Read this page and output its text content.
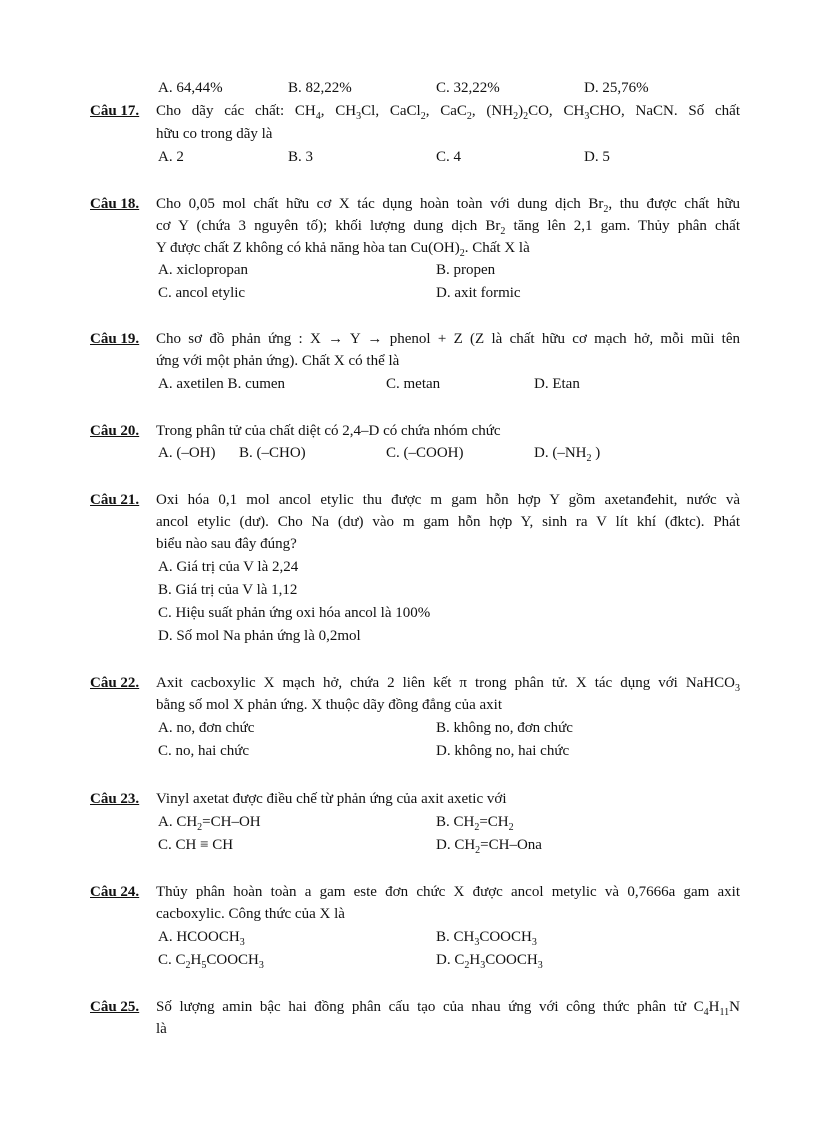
A. 64,44%	B. 82,22%	C. 32,22%	D. 25,76%
Câu 17. Cho dãy các chất: $CH_4$, $CH_3Cl$, CaCl$_2$, CaC$_2$, $(NH_2)_2CO$, $CH_3CHO$, NaCN. Số chất
hữu co trong dãy là
A. 2	B. 3	C. 4	D. 5
Câu 18. Cho 0,05 mol chất hữu cơ X tác dụng hoàn toàn với dung dịch $Br_2$, thu được chất hữu
cơ Y (chứa 3 nguyên tố); khối lượng dung dịch $Br_2$ tăng lên 2,1 gam. Thủy phân chất
Y được chất Z không có khả năng hòa $\tan Cu(OH)_2$. Chất X là
A. xiclopropan	B. propen
C. ancol etylic	D. axit formic
Câu 19. Cho sơ đồ phản ứng : X → Y → phenol + Z (Z là chất hữu cơ mạch hở, mỗi mũi tên
ứng với một phản ứng). Chất X có thể là
A. axetilen B. cumen	C. metan	D. Etan
Câu 20. Trong phân tử của chất diệt có 2,4–D có chứa nhóm chức
A. (–OH) B. (–CHO)	C. (–COOH)	D. ($-NH_2$ )
Câu 21. Oxi hóa 0,1 mol ancol etylic thu được m gam hỗn hợp Y gồm axetanđehit, nước và
ancol etylic (dư). Cho Na (dư) vào m gam hỗn hợp Y, sinh ra V lít khí (đktc). Phát
biểu nào sau đây đúng?
A. Giá trị của V là 2,24
B. Giá trị của V là 1,12
C. Hiệu suất phản ứng oxi hóa ancol là 100%
D. Số mol Na phản ứng là 0,2mol
Câu 22. Axit cacboxylic X mạch hở, chứa 2 liên kết π trong phân tử. X tác dụng với NaHCO$_3$
bằng số mol X phản ứng. X thuộc dãy đồng đẳng của axit
A. no, đơn chức	B. không no, đơn chức
C. no, hai chức	D. không no, hai chức
Câu 23. Vinyl axetat được điều chế từ phản ứng của axit axetic với
A. $CH_2=CH-OH$	B. $CH_2=CH_2$
C. CH ≡ CH	D. $CH_2=CH$–Ona
Câu 24. Thủy phân hoàn toàn a gam este đơn chức X được ancol metylic và 0,7666a gam axit
cacboxylic. Công thức của X là
A. $HCOOCH_3$	B. $CH_3COOCH_3$
C. $C_2H_5COOCH_3$	D. $C_2H_3COOCH_3$
Câu 25. Số lượng amin bậc hai đồng phân cấu tạo của nhau ứng với công thức phân tử $C_4H_{11}N$
là
